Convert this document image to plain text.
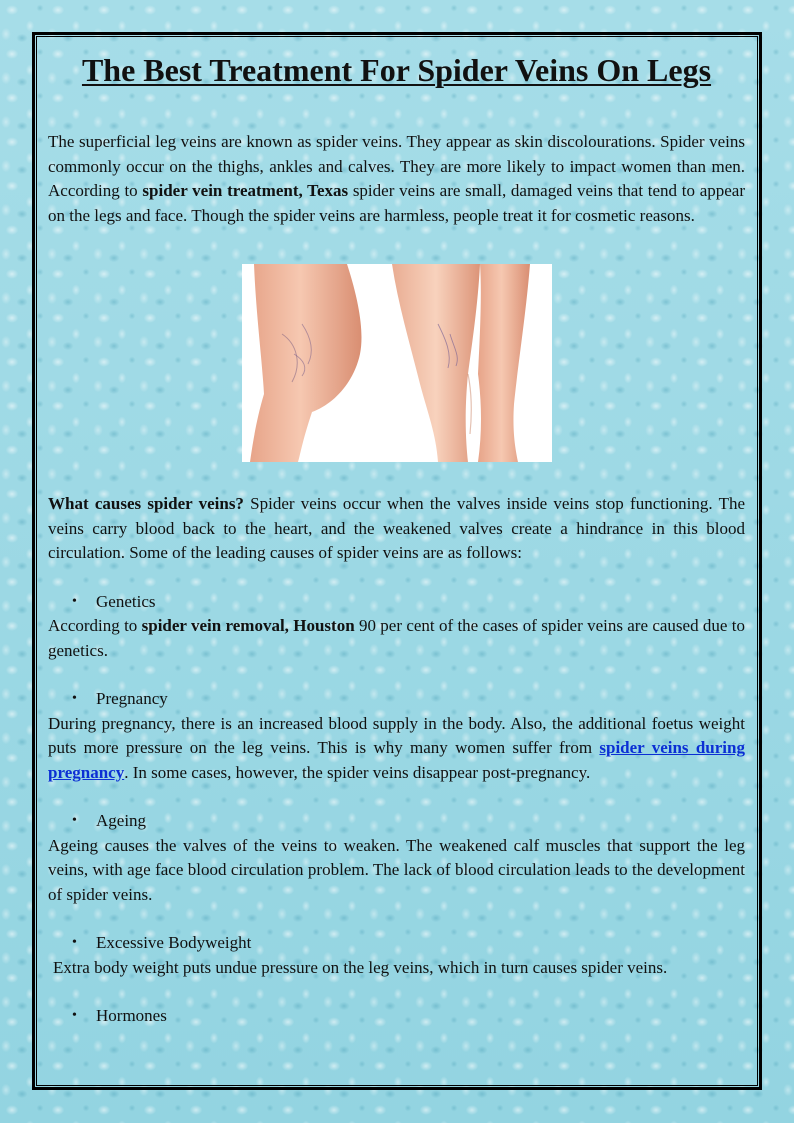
The Best Treatment For Spider Veins On Legs

The superficial leg veins are known as spider veins. They appear as skin discolourations. Spider veins commonly occur on the thighs, ankles and calves. They are more likely to impact women than men. According to spider vein treatment, Texas spider veins are small, damaged veins that tend to appear on the legs and face. Though the spider veins are harmless, people treat it for cosmetic reasons.

What causes spider veins? Spider veins occur when the valves inside veins stop functioning. The veins carry blood back to the heart, and the weakened valves create a hindrance in this blood circulation. Some of the leading causes of spider veins are as follows:

• Genetics

According to spider vein removal, Houston 90 per cent of the cases of spider veins are caused due to genetics.

• Pregnancy

During pregnancy, there is an increased blood supply in the body. Also, the additional foetus weight puts more pressure on the leg veins. This is why many women suffer from spider veins during pregnancy. In some cases, however, the spider veins disappear post-pregnancy.

• Ageing

Ageing causes the valves of the veins to weaken. The weakened calf muscles that support the leg veins, with age face blood circulation problem. The lack of blood circulation leads to the development of spider veins.

• Excessive Bodyweight

Extra body weight puts undue pressure on the leg veins, which in turn causes spider veins.

• Hormones
